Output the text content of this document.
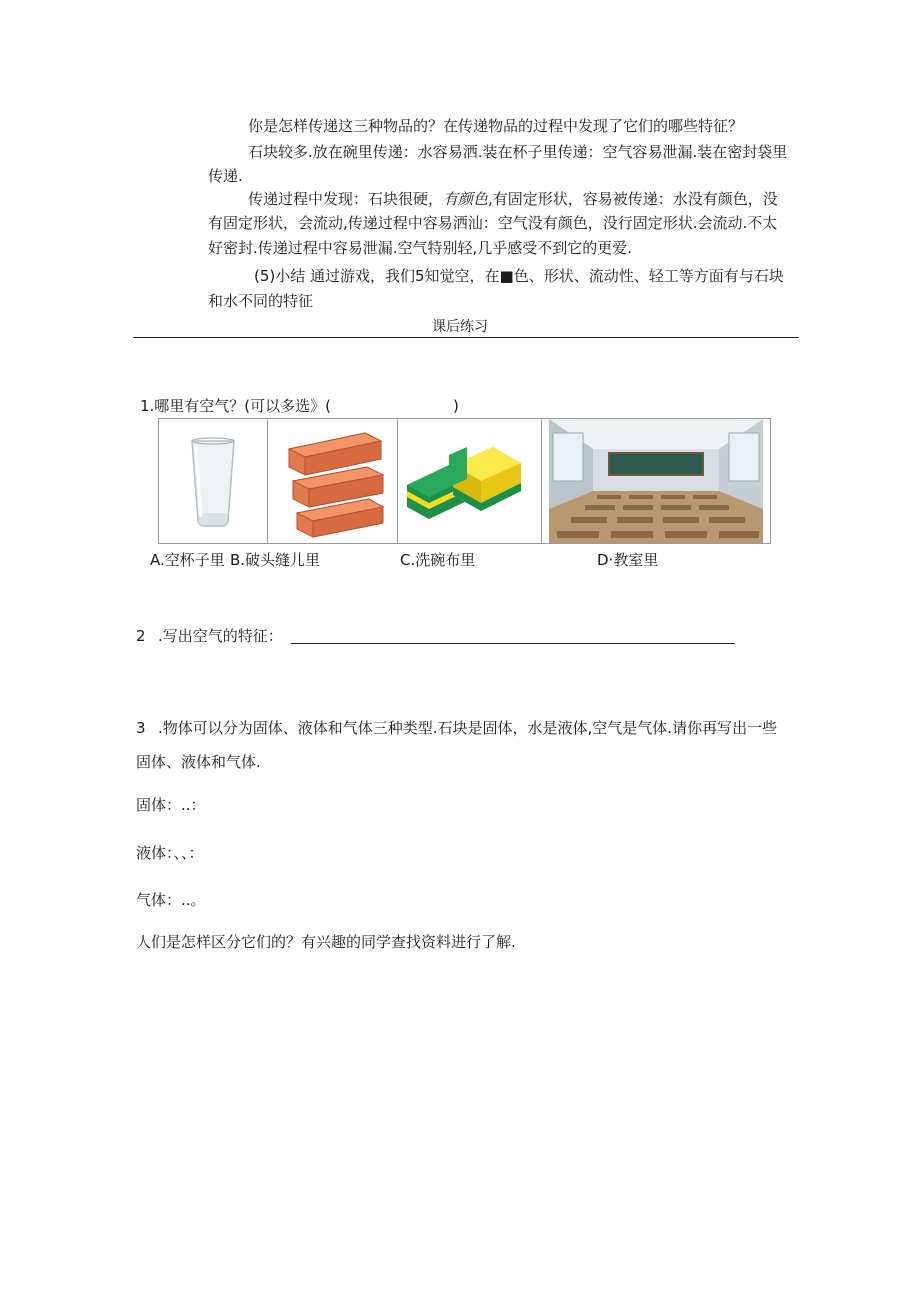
你是怎样传递这三种物品的？在传递物品的过程中发现了它们的哪些特征？
石块较多.放在碗里传递：水容易洒.装在杯子里传递：空气容易泄漏.装在密封袋里
传递.
传递过程中发现：石块很硬，有颜色,有固定形状，容易被传递：水没有颜色，没
有固定形状，会流动,传递过程中容易洒汕：空气没有颜色，没行固定形状.会流动.不太
好密封.传递过程中容易泄漏.空气特别轻,几乎感受不到它的更爱.
(5)小结 通过游戏，我们5知觉空，在■色、形状、流动性、轻工等方面有与石块
和水不同的特征
课后练习
1.哪里有空气？(可以多选》(	)
A.空杯子里 B.破头缝儿里	C.洗碗布里	D·教室里
2 .写出空气的特征：
3 .物体可以分为固体、液体和气体三种类型.石块是固体，水是液体,空气是气体.请你再写出一些
固体、液体和气体.
固体：..：
液体：、、：
气体：..。
人们是怎样区分它们的？有兴趣的同学查找资料进行了解.
